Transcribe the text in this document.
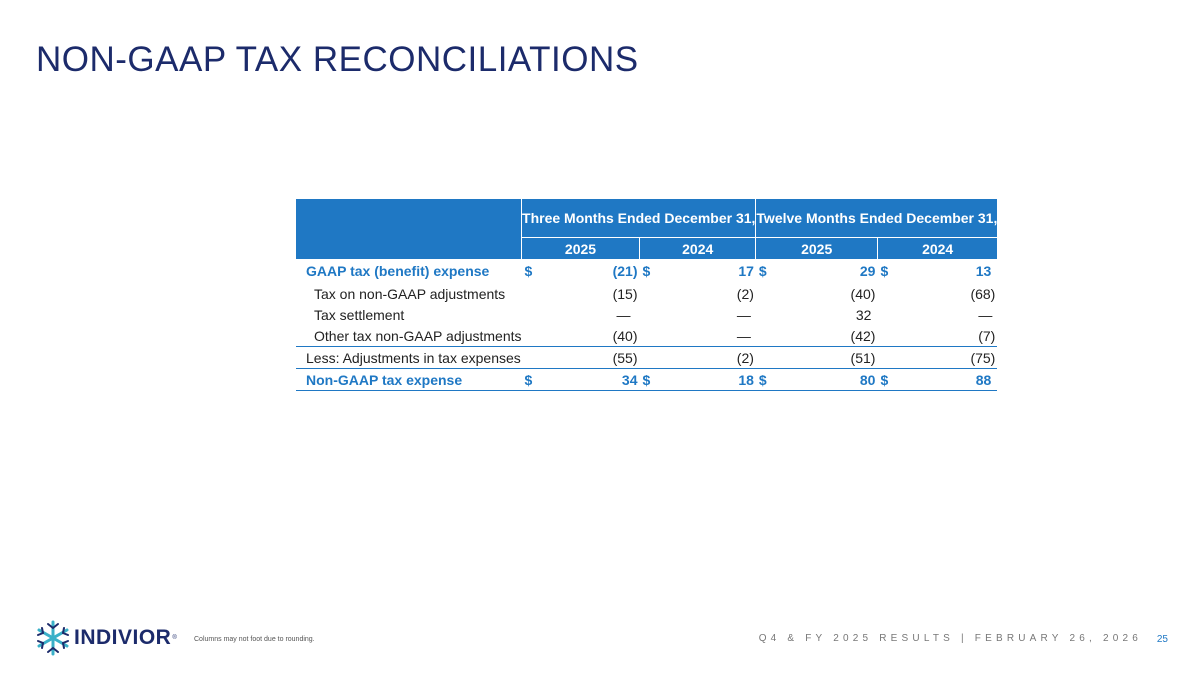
NON-GAAP TAX RECONCILIATIONS
	Three Months Ended December 31,				Twelve Months Ended December 31,			
	2025		2024		2025		2024	
GAAP tax (benefit) expense	$	(21)	$	17	$	29	$	13
Tax on non-GAAP adjustments		(15)		(2)		(40)		(68)
Tax settlement		—		—		32		—
Other tax non-GAAP adjustments		(40)		—		(42)		(7)
Less: Adjustments in tax expenses		(55)		(2)		(51)		(75)
Non-GAAP tax expense	$	34	$	18	$	80	$	88
INDIVIOR ® Columns may not foot due to rounding.	Q4 & FY 2025 RESULTS | FEBRUARY 26, 2026 25
